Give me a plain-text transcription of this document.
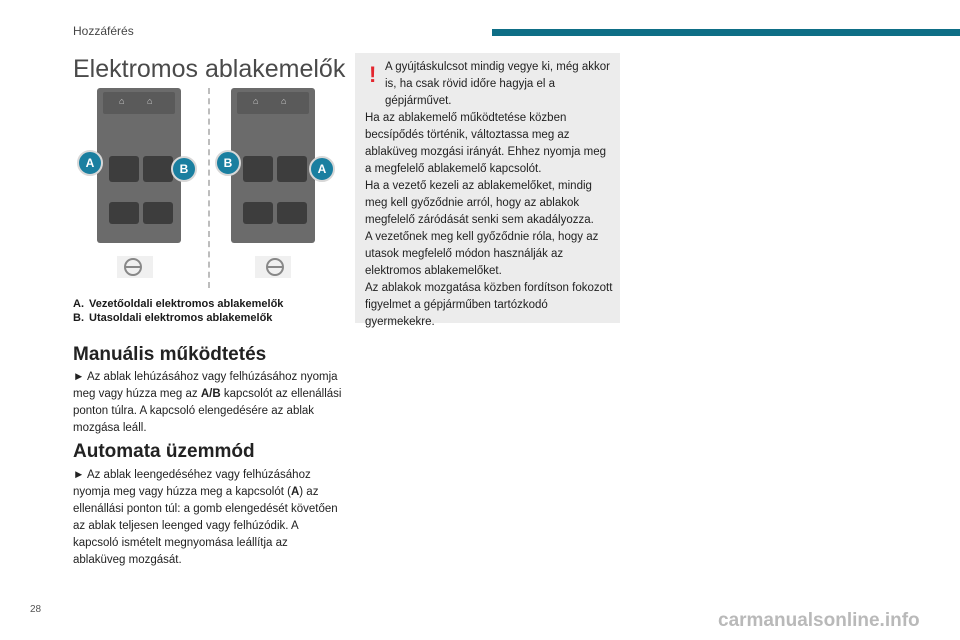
Hozzáférés
Elektromos ablakemelők
⌂	⌂
A	B
⌂	⌂
B	A
A. Vezetőoldali elektromos ablakemelők
B. Utasoldali elektromos ablakemelők
Manuális működtetés
► Az ablak lehúzásához vagy felhúzásához nyomja meg vagy húzza meg az A/B kapcsolót az ellenállási ponton túlra. A kapcsoló elengedésére az ablak mozgása leáll.
Automata üzemmód
► Az ablak leengedéséhez vagy felhúzásához nyomja meg vagy húzza meg a kapcsolót (A) az ellenállási ponton túl: a gomb elengedését követően az ablak teljesen leenged vagy felhúzódik. A kapcsoló ismételt megnyomása leállítja az ablaküveg mozgását.
! A gyújtáskulcsot mindig vegye ki, még akkor is, ha csak rövid időre hagyja el a gépjárművet.
Ha az ablakemelő működtetése közben becsípődés történik, változtassa meg az ablaküveg mozgási irányát. Ehhez nyomja meg a megfelelő ablakemelő kapcsolót.
Ha a vezető kezeli az ablakemelőket, mindig meg kell győződnie arról, hogy az ablakok megfelelő záródását senki sem akadályozza.
A vezetőnek meg kell győződnie róla, hogy az utasok megfelelő módon használják az elektromos ablakemelőket.
Az ablakok mozgatása közben fordítson fokozott figyelmet a gépjárműben tartózkodó gyermekekre.
28
carmanualsonline.info
